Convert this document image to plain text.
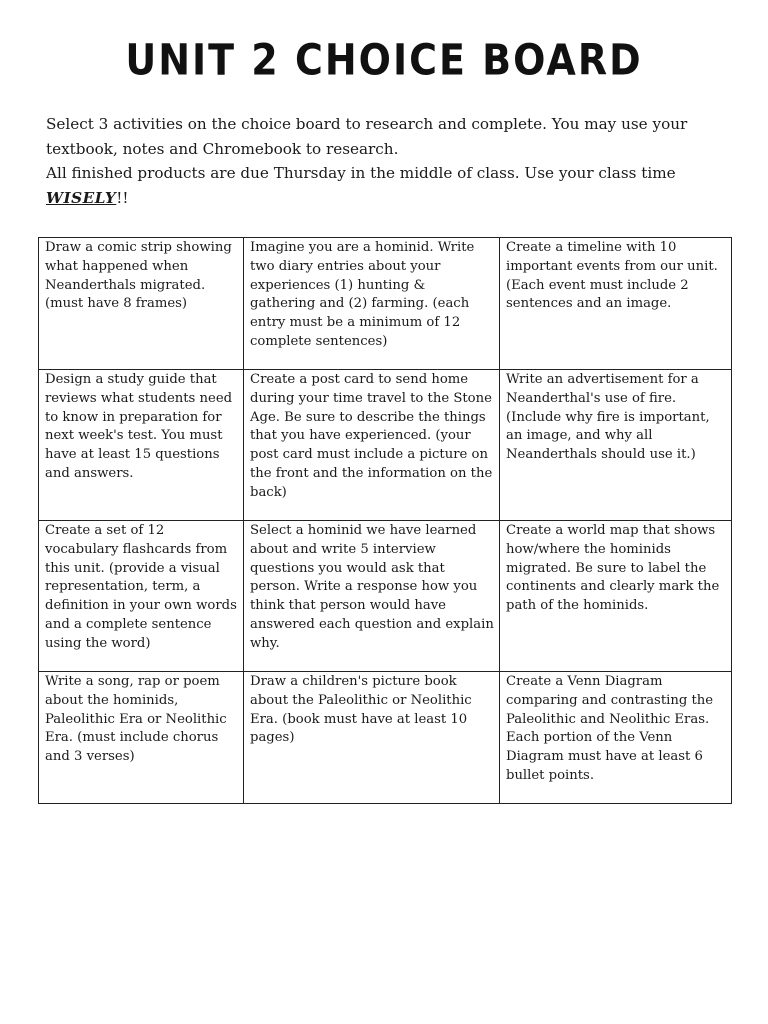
UNIT 2 CHOICE BOARD

Select 3 activities on the choice board to research and complete. You may use your textbook, notes and Chromebook to research.

All finished products are due Thursday in the middle of class. Use your class time WISELY!!

Draw a comic strip showing what happened when Neanderthals migrated. (must have 8 frames)	Imagine you are a hominid. Write two diary entries about your experiences (1) hunting & gathering and (2) farming. (each entry must be a minimum of 12 complete sentences)	Create a timeline with 10 important events from our unit. (Each event must include 2 sentences and an image.
Design a study guide that reviews what students need to know in preparation for next week's test. You must have at least 15 questions and answers.	Create a post card to send home during your time travel to the Stone Age. Be sure to describe the things that you have experienced. (your post card must include a picture on the front and the information on the back)	Write an advertisement for a Neanderthal's use of fire. (Include why fire is important, an image, and why all Neanderthals should use it.)
Create a set of 12 vocabulary flashcards from this unit. (provide a visual representation, term, a definition in your own words and a complete sentence using the word)	Select a hominid we have learned about and write 5 interview questions you would ask that person. Write a response how you think that person would have answered each question and explain why.	Create a world map that shows how/where the hominids migrated. Be sure to label the continents and clearly mark the path of the hominids.
Write a song, rap or poem about the hominids, Paleolithic Era or Neolithic Era. (must include chorus and 3 verses)	Draw a children's picture book about the Paleolithic or Neolithic Era. (book must have at least 10 pages)	Create a Venn Diagram comparing and contrasting the Paleolithic and Neolithic Eras. Each portion of the Venn Diagram must have at least 6 bullet points.
